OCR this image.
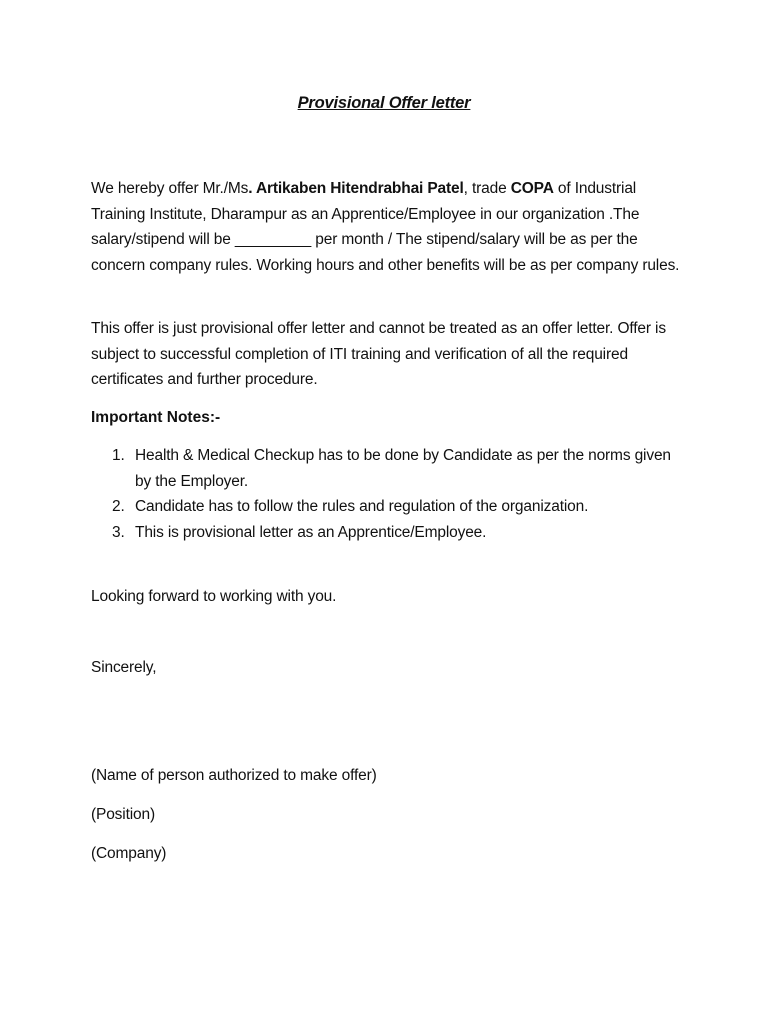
Provisional Offer letter
We hereby offer Mr./Ms. Artikaben Hitendrabhai Patel, trade COPA of Industrial Training Institute, Dharampur as an Apprentice/Employee in our organization .The salary/stipend will be _________ per month / The stipend/salary will be as per the concern company rules. Working hours and other benefits will be as per company rules.
This offer is just provisional offer letter and cannot be treated as an offer letter. Offer is subject to successful completion of ITI training and verification of all the required certificates and further procedure.
Important Notes:-
1. Health & Medical Checkup has to be done by Candidate as per the norms given by the Employer.
2. Candidate has to follow the rules and regulation of the organization.
3. This is provisional letter as an Apprentice/Employee.
Looking forward to working with you.
Sincerely,
(Name of person authorized to make offer)
(Position)
(Company)
